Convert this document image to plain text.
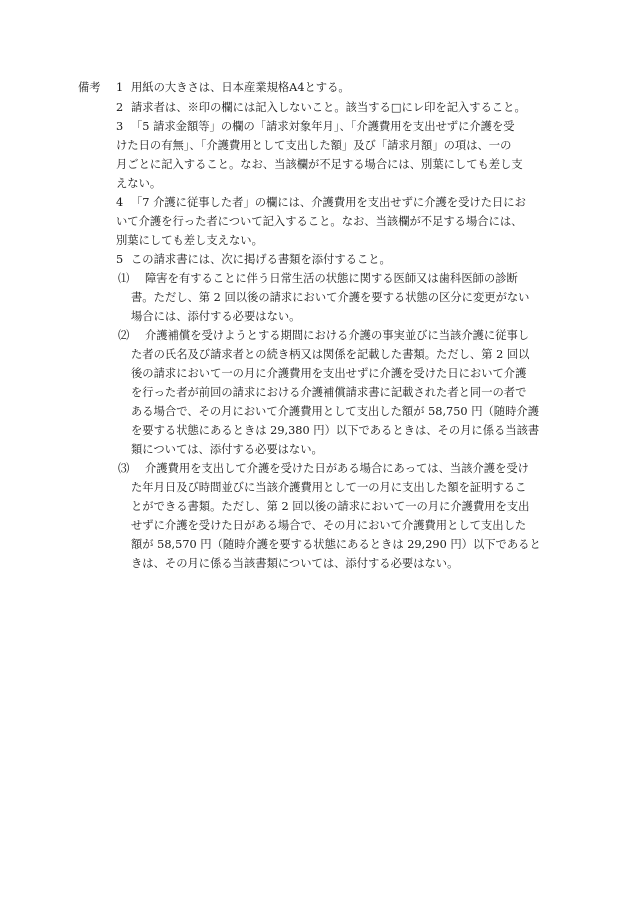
備考 1 用紙の大きさは、日本産業規格A4とする。
2 請求者は、※印の欄には記入しないこと。該当する□にレ印を記入すること。
3 「5 請求金額等」の欄の「請求対象年月」、「介護費用を支出せずに介護を受
けた日の有無」、「介護費用として支出した額」及び「請求月額」の項は、一の
月ごとに記入すること。なお、当該欄が不足する場合には、別葉にしても差し支
えない。
4 「7 介護に従事した者」の欄には、介護費用を支出せずに介護を受けた日にお
いて介護を行った者について記入すること。なお、当該欄が不足する場合には、
別葉にしても差し支えない。
5 この請求書には、次に掲げる書類を添付すること。
⑴ 障害を有することに伴う日常生活の状態に関する医師又は歯科医師の診断
書。ただし、第 2 回以後の請求において介護を要する状態の区分に変更がない
場合には、添付する必要はない。
⑵ 介護補償を受けようとする期間における介護の事実並びに当該介護に従事し
た者の氏名及び請求者との続き柄又は関係を記載した書類。ただし、第 2 回以
後の請求において一の月に介護費用を支出せずに介護を受けた日において介護
を行った者が前回の請求における介護補償請求書に記載された者と同一の者で
ある場合で、その月において介護費用として支出した額が 58,750 円（随時介護
を要する状態にあるときは 29,380 円）以下であるときは、その月に係る当該書
類については、添付する必要はない。
⑶ 介護費用を支出して介護を受けた日がある場合にあっては、当該介護を受け
た年月日及び時間並びに当該介護費用として一の月に支出した額を証明するこ
とができる書類。ただし、第 2 回以後の請求において一の月に介護費用を支出
せずに介護を受けた日がある場合で、その月において介護費用として支出した
額が 58,570 円（随時介護を要する状態にあるときは 29,290 円）以下であると
きは、その月に係る当該書類については、添付する必要はない。
